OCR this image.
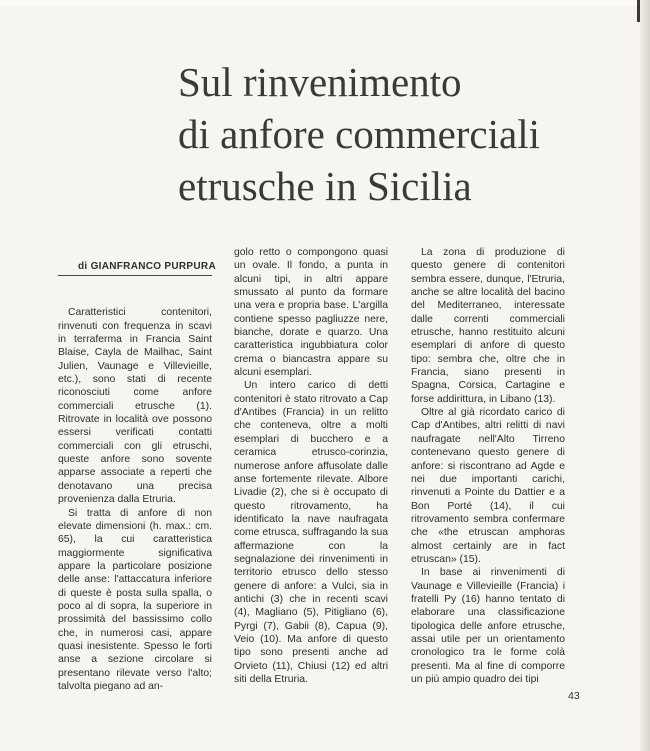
Sul rinvenimento
di anfore commerciali
etrusche in Sicilia
di GIANFRANCO PURPURA

Caratteristici contenitori, rinvenuti con frequenza in scavi in terraferma in Francia Saint Blaise, Cayla de Mailhac, Saint Julien, Vaunage e Villevieille, etc.), sono stati di recente riconosciuti come anfore commerciali etrusche (1). Ritrovate in località ove possono essersi verificati contatti commerciali con gli etruschi, queste anfore sono sovente apparse associate a reperti che denotavano una precisa provenienza dalla Etruria.

Si tratta di anfore di non elevate dimensioni (h. max.: cm. 65), la cui caratteristica maggiormente significativa appare la particolare posizione delle anse: l'attaccatura inferiore di queste è posta sulla spalla, o poco al di sopra, la superiore in prossimità del bassissimo collo che, in numerosi casi, appare quasi inesistente. Spesso le forti anse a sezione circolare si presentano rilevate verso l'alto; talvolta piegano ad an-

golo retto o compongono quasi un ovale. Il fondo, a punta in alcuni tipi, in altri appare smussato al punto da formare una vera e propria base. L'argilla contiene spesso pagliuzze nere, bianche, dorate e quarzo. Una caratteristica ingubbiatura color crema o biancastra appare su alcuni esemplari.

Un intero carico di detti contenitori è stato ritrovato a Cap d'Antibes (Francia) in un relitto che conteneva, oltre a molti esemplari di bucchero e a ceramica etrusco-corinzia, numerose anfore affusolate dalle anse fortemente rilevate. Albore Livadie (2), che si è occupato di questo ritrovamento, ha identificato la nave naufragata come etrusca, suffragando la sua affermazione con la segnalazione dei rinvenimenti in territorio etrusco dello stesso genere di anfore: a Vulci, sia in antichi (3) che in recenti scavi (4), Magliano (5), Pitigliano (6), Pyrgi (7), Gabii (8), Capua (9), Veio (10). Ma anfore di questo tipo sono presenti anche ad Orvieto (11), Chiusi (12) ed altri siti della Etruria.

La zona di produzione di questo genere di contenitori sembra essere, dunque, l'Etruria, anche se altre località del bacino del Mediterraneo, interessate dalle correnti commerciali etrusche, hanno restituito alcuni esemplari di anfore di questo tipo: sembra che, oltre che in Francia, siano presenti in Spagna, Corsica, Cartagine e forse addirittura, in Libano (13).

Oltre al già ricordato carico di Cap d'Antibes, altri relitti di navi naufragate nell'Alto Tirreno contenevano questo genere di anfore: si riscontrano ad Agde e nei due importanti carichi, rinvenuti a Pointe du Dattier e a Bon Porté (14), il cui ritrovamento sembra confermare che «the etruscan amphoras almost certainly are in fact etruscan» (15).

In base ai rinvenimenti di Vaunage e Villevieille (Francia) i fratelli Py (16) hanno tentato di elaborare una classificazione tipologica delle anfore etrusche, assai utile per un orientamento cronologico tra le forme colà presenti. Ma al fine di comporre un più ampio quadro dei tipi

43
